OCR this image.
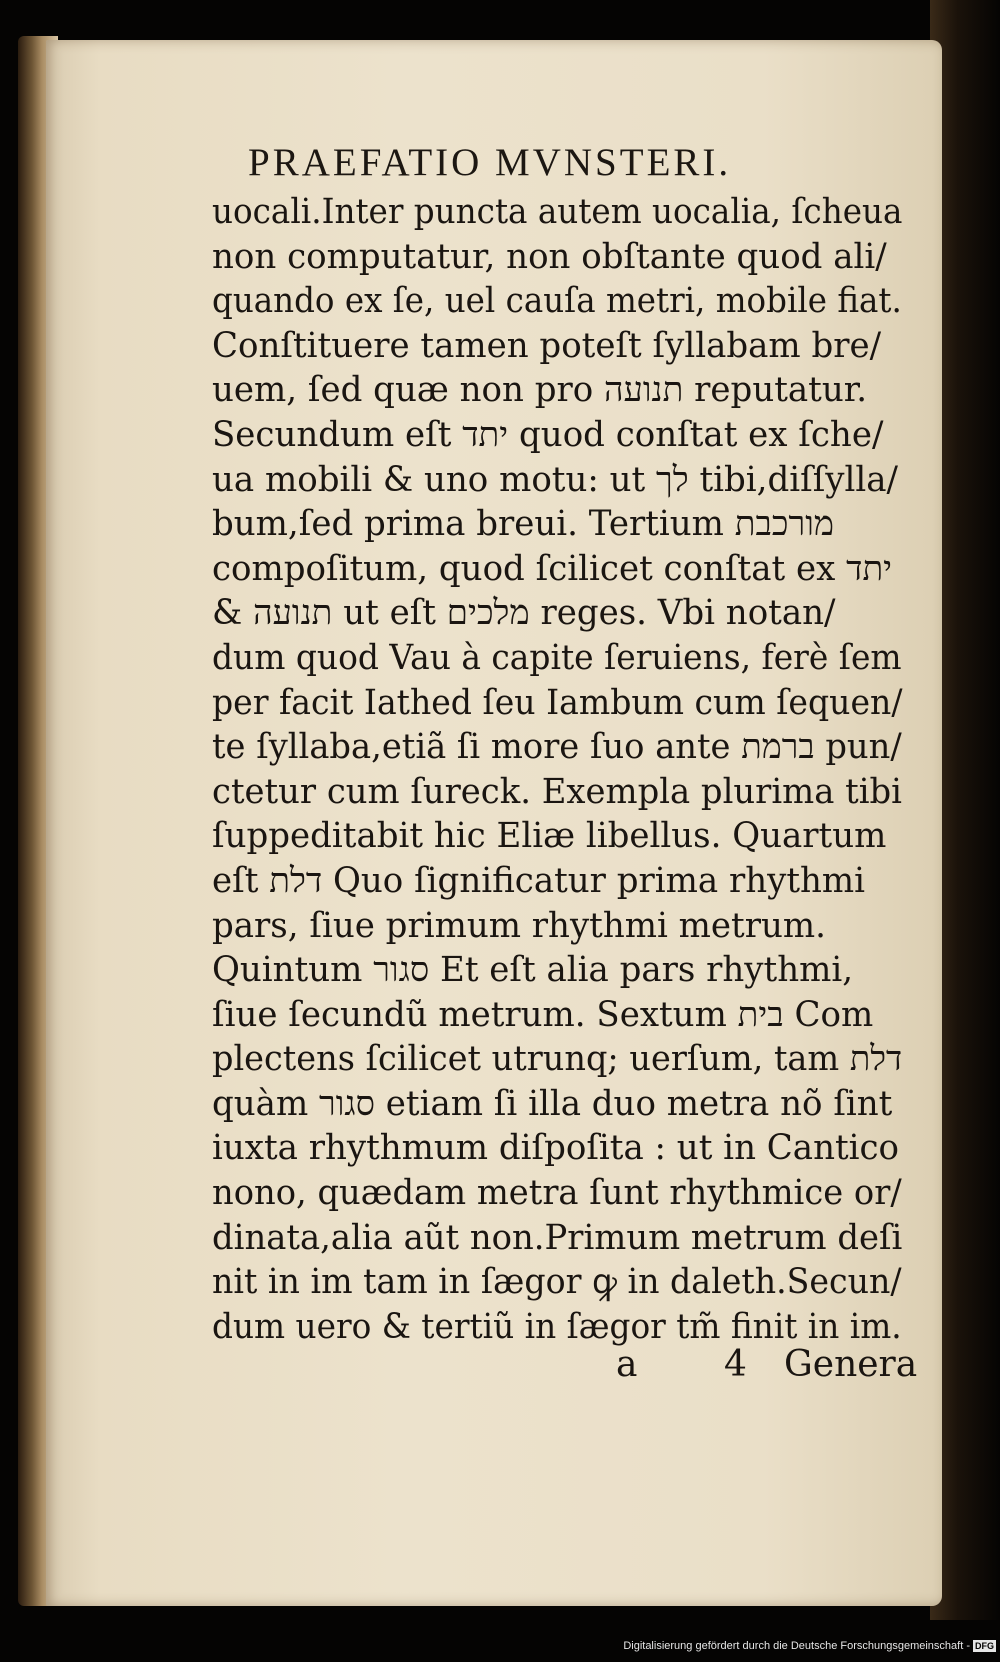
PRAEFATIO MVNSTERI.
uocali.Inter puncta autem uocalia, ſcheua
non computatur, non obſtante quod ali/
quando ex ſe, uel cauſa metri, mobile fiat.
Conſtituere tamen poteſt ſyllabam bre/
uem, ſed quæ non pro תנועה reputatur.
Secundum eſt יתד quod conſtat ex ſche/
ua mobili & uno motu: ut לך tibi,diſſylla/
bum,ſed prima breui. Tertium מורכבת
compoſitum, quod ſcilicet conſtat ex יתד
& תנועה ut eſt מלכים reges. Vbi notan/
dum quod Vau à capite ſeruiens, ferè ſem
per facit Iathed ſeu Iambum cum ſequen/
te ſyllaba,etiã ſi more ſuo ante ברמת pun/
ctetur cum ſureck. Exempla plurima tibi
ſuppeditabit hic Eliæ libellus. Quartum
eſt דלת Quo ſignificatur prima rhythmi
pars, ſiue primum rhythmi metrum.
Quintum סגור Et eſt alia pars rhythmi,
ſiue ſecundũ metrum. Sextum בית Com
plectens ſcilicet utrunq; uerſum, tam דלת
quàm סגור etiam ſi illa duo metra nõ ſint
iuxta rhythmum diſpoſita : ut in Cantico
nono, quædam metra ſunt rhythmice or/
dinata,alia aũt non.Primum metrum deſi
nit in im tam in ſægor ꝙ in daleth.Secun/
dum uero & tertiũ in ſægor tm̃ finit in im.
a 4 Genera
Digitalisierung gefördert durch die Deutsche Forschungsgemeinschaft - DFG
